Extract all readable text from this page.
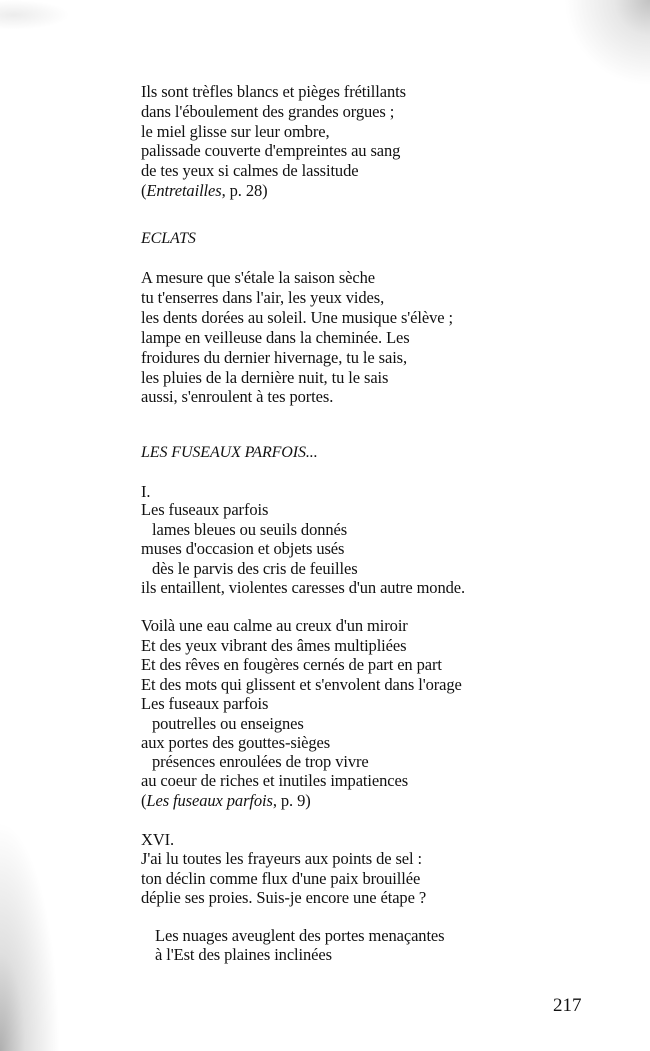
Ils sont trèfles blancs et pièges frétillants
dans l'éboulement des grandes orgues ;
le miel glisse sur leur ombre,
palissade couverte d'empreintes au sang
de tes yeux si calmes de lassitude
(Entretailles, p. 28)
ECLATS
A mesure que s'étale la saison sèche
tu t'enserres dans l'air, les yeux vides,
les dents dorées au soleil. Une musique s'élève ;
lampe en veilleuse dans la cheminée. Les
froidures du dernier hivernage, tu le sais,
les pluies de la dernière nuit, tu le sais
aussi, s'enroulent à tes portes.
LES FUSEAUX PARFOIS...
I.
Les fuseaux parfois
lames bleues ou seuils donnés
muses d'occasion et objets usés
dès le parvis des cris de feuilles
ils entaillent, violentes caresses d'un autre monde.
Voilà une eau calme au creux d'un miroir
Et des yeux vibrant des âmes multipliées
Et des rêves en fougères cernés de part en part
Et des mots qui glissent et s'envolent dans l'orage
Les fuseaux parfois
poutrelles ou enseignes
aux portes des gouttes-sièges
présences enroulées de trop vivre
au coeur de riches et inutiles impatiences
(Les fuseaux parfois, p. 9)
XVI.
J'ai lu toutes les frayeurs aux points de sel :
ton déclin comme flux d'une paix brouillée
déplie ses proies. Suis-je encore une étape ?
Les nuages aveuglent des portes menaçantes
à l'Est des plaines inclinées
217
